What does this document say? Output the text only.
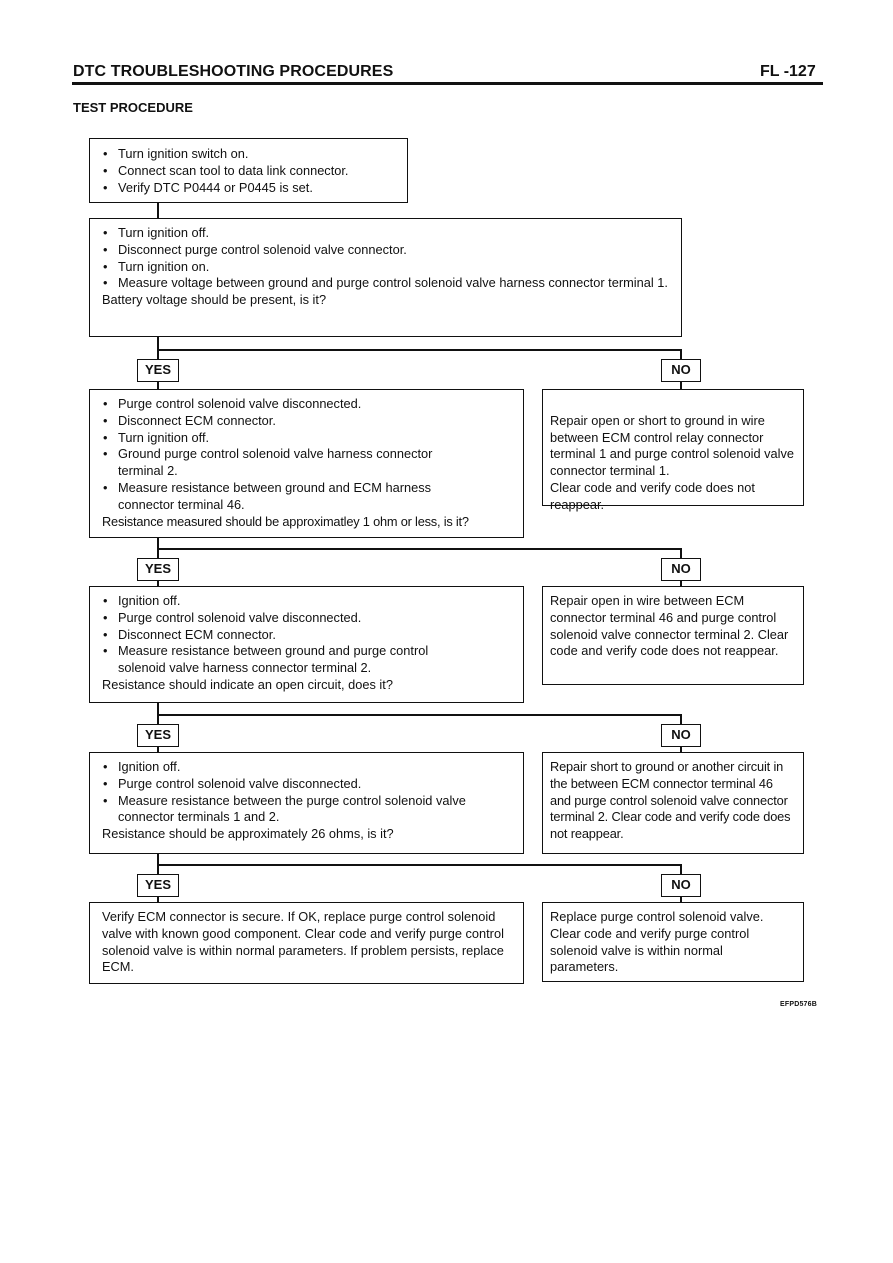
DTC TROUBLESHOOTING PROCEDURES	FL -127
TEST PROCEDURE
• Turn ignition switch on.
• Connect scan tool to data link connector.
• Verify DTC P0444 or P0445 is set.
• Turn ignition off.
• Disconnect purge control solenoid valve connector.
• Turn ignition on.
• Measure voltage between ground and purge control solenoid valve harness connector terminal 1.

Battery voltage should be present, is it?

YES	NO
• Purge control solenoid valve disconnected.
• Disconnect ECM connector.
• Turn ignition off.
• Ground purge control solenoid valve harness connector terminal 2.
• Measure resistance between ground and ECM harness connector terminal 46.

Resistance measured should be approximatley 1 ohm or less, is it?

Repair open or short to ground in wire between ECM control relay connector terminal 1 and purge control solenoid valve connector terminal 1.
Clear code and verify code does not reappear.

YES	NO
• Ignition off.
• Purge control solenoid valve disconnected.
• Disconnect ECM connector.
• Measure resistance between ground and purge control solenoid valve harness connector terminal 2.

Resistance should indicate an open circuit, does it?

Repair open in wire between ECM connector terminal 46 and purge control solenoid valve connector terminal 2. Clear code and verify code does not reappear.

YES	NO
• Ignition off.
• Purge control solenoid valve disconnected.
• Measure resistance between the purge control solenoid valve connector terminals 1 and 2.

Resistance should be approximately 26 ohms, is it?

Repair short to ground or another circuit in the between ECM connector terminal 46 and purge control solenoid valve connector terminal 2. Clear code and verify code does not reappear.

YES	NO

Verify ECM connector is secure. If OK, replace purge control solenoid valve with known good component. Clear code and verify purge control solenoid valve is within normal parameters. If problem persists, replace ECM.

Replace purge control solenoid valve. Clear code and verify purge control solenoid valve is within normal parameters.

EFPD576B
